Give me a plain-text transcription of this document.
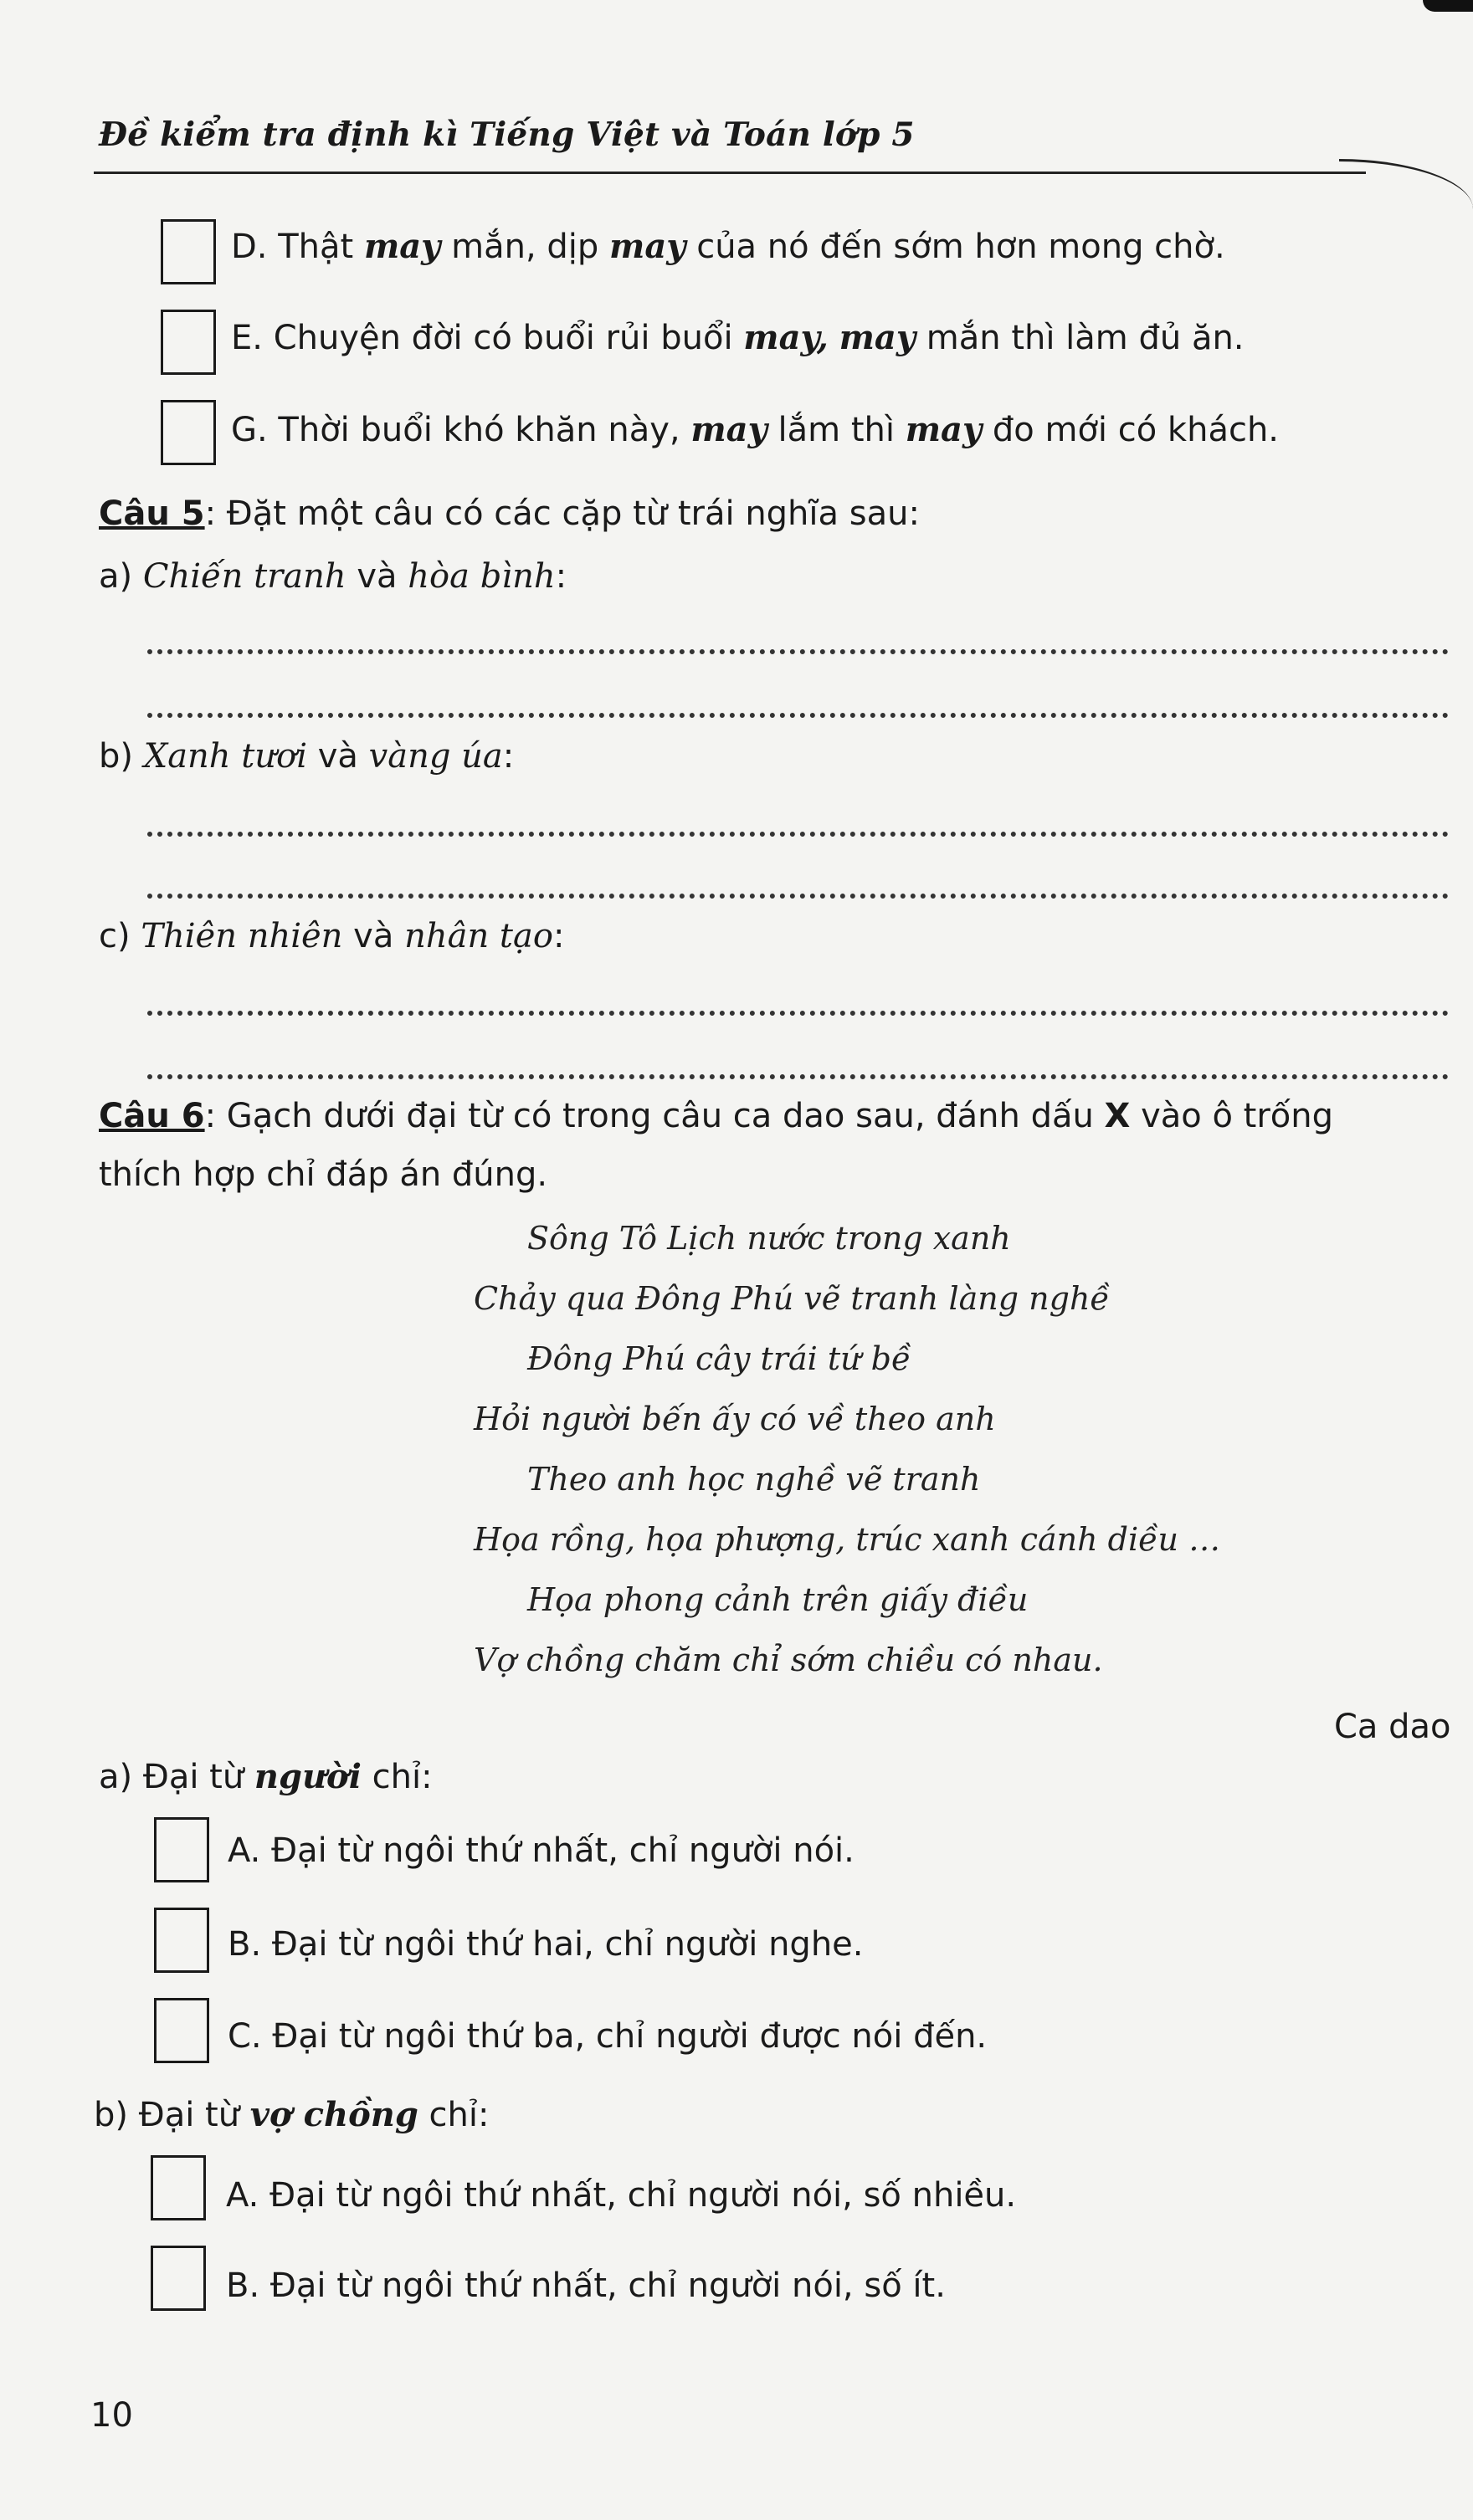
Đề kiểm tra định kì Tiếng Việt và Toán lớp 5
D. Thật may mắn, dịp may của nó đến sớm hơn mong chờ.
E. Chuyện đời có buổi rủi buổi may, may mắn thì làm đủ ăn.
G. Thời buổi khó khăn này, may lắm thì may đo mới có khách.
Câu 5: Đặt một câu có các cặp từ trái nghĩa sau:
a) Chiến tranh và hòa bình:
b) Xanh tươi và vàng úa:
c) Thiên nhiên và nhân tạo:
Câu 6: Gạch dưới đại từ có trong câu ca dao sau, đánh dấu X vào ô trống
thích hợp chỉ đáp án đúng.
Sông Tô Lịch nước trong xanh
Chảy qua Đông Phú vẽ tranh làng nghề
Đông Phú cây trái tứ bề
Hỏi người bến ấy có về theo anh
Theo anh học nghề vẽ tranh
Họa rồng, họa phượng, trúc xanh cánh diều …
Họa phong cảnh trên giấy điều
Vợ chồng chăm chỉ sớm chiều có nhau.
Ca dao
a) Đại từ người chỉ:
A. Đại từ ngôi thứ nhất, chỉ người nói.
B. Đại từ ngôi thứ hai, chỉ người nghe.
C. Đại từ ngôi thứ ba, chỉ người được nói đến.
b) Đại từ vợ chồng chỉ:
A. Đại từ ngôi thứ nhất, chỉ người nói, số nhiều.
B. Đại từ ngôi thứ nhất, chỉ người nói, số ít.
10
